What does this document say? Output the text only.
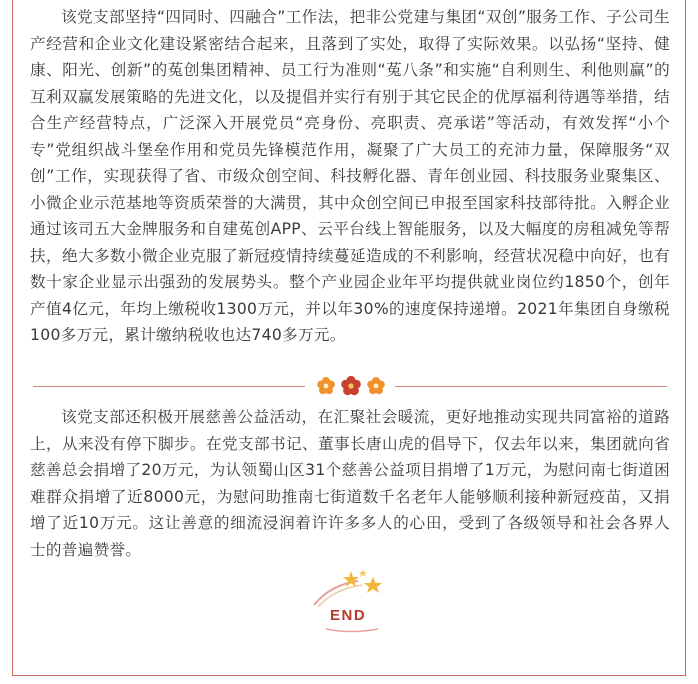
该党支部坚持“四同时、四融合”工作法，把非公党建与集团“双创”服务工作、子公司生产经营和企业文化建设紧密结合起来，且落到了实处，取得了实际效果。以弘扬“坚持、健康、阳光、创新”的菟创集团精神、员工行为准则“菟八条”和实施“自利则生、利他则赢”的互利双赢发展策略的先进文化，以及提倡并实行有别于其它民企的优厚福利待遇等举措，结合生产经营特点，广泛深入开展党员“亮身份、亮职责、亮承诺”等活动，有效发挥“小个专”党组织战斗堡垒作用和党员先锋模范作用，凝聚了广大员工的充沛力量，保障服务“双创”工作，实现获得了省、市级众创空间、科技孵化器、青年创业园、科技服务业聚集区、小微企业示范基地等资质荣誉的大满贯，其中众创空间已申报至国家科技部待批。入孵企业通过该司五大金牌服务和自建菟创APP、云平台线上智能服务，以及大幅度的房租减免等帮扶，绝大多数小微企业克服了新冠疫情持续蔓延造成的不利影响，经营状况稳中向好，也有数十家企业显示出强劲的发展势头。整个产业园企业年平均提供就业岗位约1850个，创年产值4亿元，年均上缴税收1300万元，并以年30%的速度保持递增。2021年集团自身缴税100多万元，累计缴纳税收也达740多万元。

该党支部还积极开展慈善公益活动，在汇聚社会暖流，更好地推动实现共同富裕的道路上，从来没有停下脚步。在党支部书记、董事长唐山虎的倡导下，仅去年以来，集团就向省慈善总会捐增了20万元，为认领蜀山区31个慈善公益项目捐增了1万元，为慰问南七街道困难群众捐增了近8000元，为慰问助推南七街道数千名老年人能够顺利接种新冠疫苗，又捐增了近10万元。这让善意的细流浸润着许许多多人的心田，受到了各级领导和社会各界人士的普遍赞誉。

END
